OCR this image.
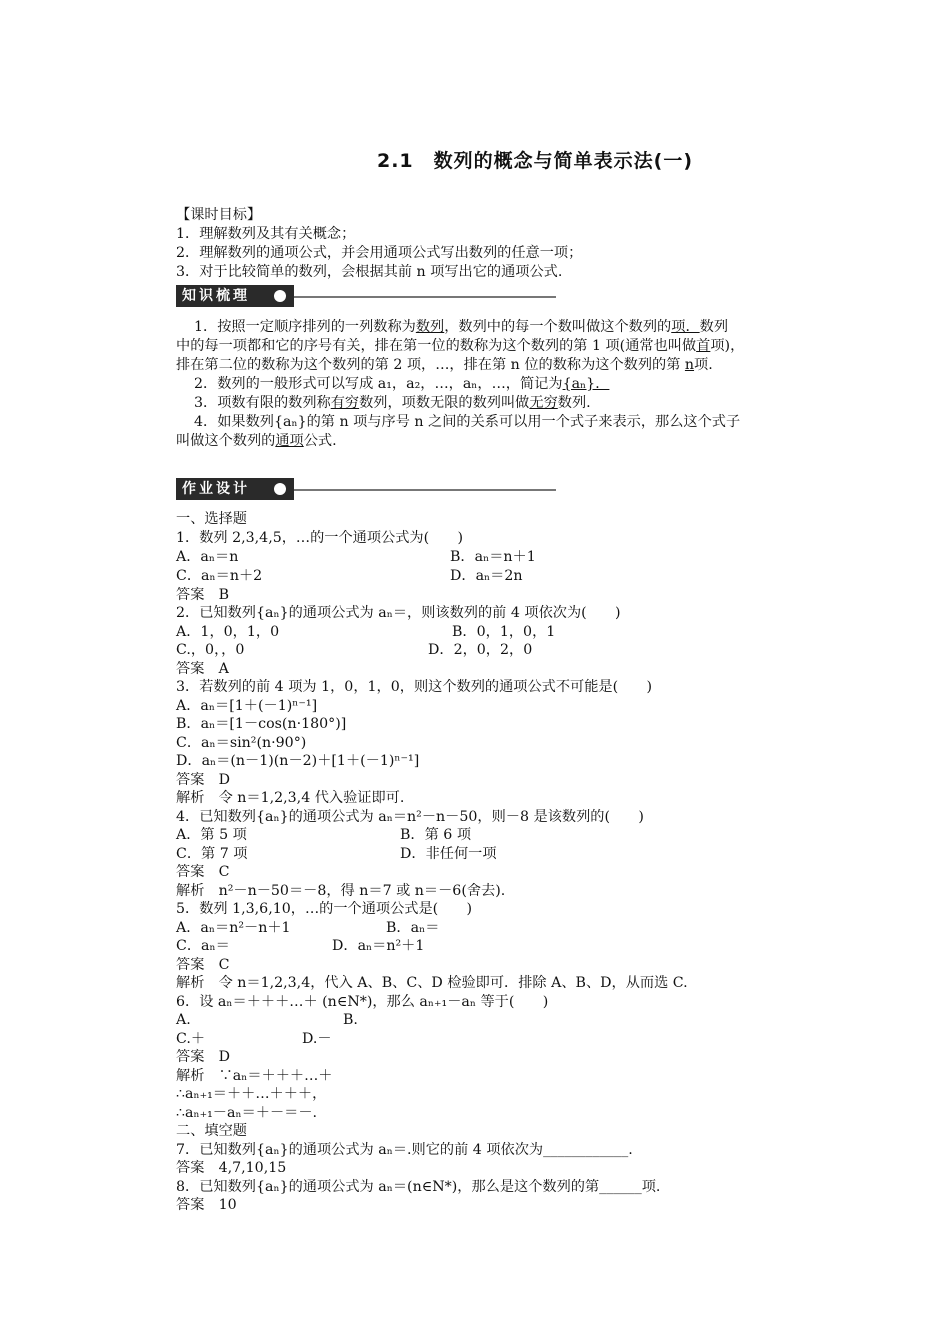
2.1　数列的概念与简单表示法(一)
【课时目标】
1．理解数列及其有关概念；
2．理解数列的通项公式，并会用通项公式写出数列的任意一项；
3．对于比较简单的数列，会根据其前 n 项写出它的通项公式.
知识梳理
1．按照一定顺序排列的一列数称为数列，数列中的每一个数叫做这个数列的项．数列
中的每一项都和它的序号有关，排在第一位的数称为这个数列的第 1 项(通常也叫做首项)，
排在第二位的数称为这个数列的第 2 项，…，排在第 n 位的数称为这个数列的第 n项.
2．数列的一般形式可以写成 a₁，a₂，…，aₙ，…，简记为{aₙ}．
3．项数有限的数列称有穷数列，项数无限的数列叫做无穷数列.
4．如果数列{aₙ}的第 n 项与序号 n 之间的关系可以用一个式子来表示，那么这个式子
叫做这个数列的通项公式.
作业设计
一、选择题
1．数列 2,3,4,5，…的一个通项公式为(　　)
A．aₙ＝n	B．aₙ＝n＋1
C．aₙ＝n＋2	D．aₙ＝2n
答案　B
2．已知数列{aₙ}的通项公式为 aₙ＝，则该数列的前 4 项依次为(　　)
A．1，0，1，0	B．0，1，0，1
C.，0，，0	D．2，0，2，0
答案　A
3．若数列的前 4 项为 1，0，1，0，则这个数列的通项公式不可能是(　　)
A．aₙ＝[1＋(－1)ⁿ⁻¹]
B．aₙ＝[1－cos(n·180°)]
C．aₙ＝sin²(n·90°)
D．aₙ＝(n－1)(n－2)＋[1＋(－1)ⁿ⁻¹]
答案　D
解析　令 n＝1,2,3,4 代入验证即可.
4．已知数列{aₙ}的通项公式为 aₙ＝n²－n－50，则－8 是该数列的(　　)
A．第 5 项	B．第 6 项
C．第 7 项	D．非任何一项
答案　C
解析　n²－n－50＝－8，得 n＝7 或 n＝－6(舍去).
5．数列 1,3,6,10，…的一个通项公式是(　　)
A．aₙ＝n²－n＋1	B．aₙ＝
C．aₙ＝	D．aₙ＝n²＋1
答案　C
解析　令 n＝1,2,3,4，代入 A、B、C、D 检验即可．排除 A、B、D，从而选 C.
6．设 aₙ＝＋＋＋…＋ (n∈N*)，那么 aₙ₊₁－aₙ 等于(　　)
A.	B.
C.＋	D.－
答案　D
解析　∵aₙ＝＋＋＋…＋
∴aₙ₊₁＝＋＋…＋＋＋，
∴aₙ₊₁－aₙ＝＋－＝－.
二、填空题
7．已知数列{aₙ}的通项公式为 aₙ＝.则它的前 4 项依次为____________.
答案　4,7,10,15
8．已知数列{aₙ}的通项公式为 aₙ＝(n∈N*)，那么是这个数列的第______项.
答案　10
